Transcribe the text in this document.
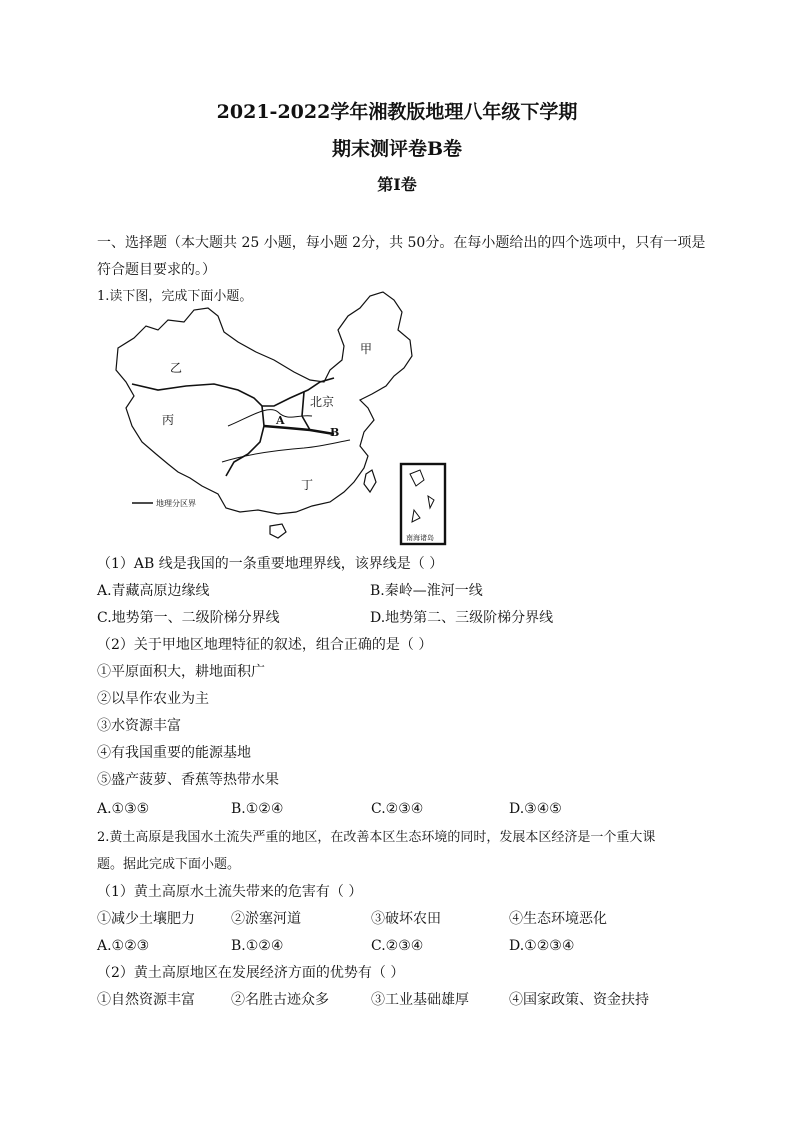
2021-2022学年湘教版地理八年级下学期
期末测评卷B卷
第Ⅰ卷
一、选择题（本大题共 25 小题，每小题 2分，共 50分。在每小题给出的四个选项中，只有一项是
符合题目要求的。）
1.读下图，完成下面小题。
南海诸岛
地理分区界
乙
甲
丙
丁
北京
A
B
（1）AB 线是我国的一条重要地理界线，该界线是（ ）
A.青藏高原边缘线	B.秦岭—淮河一线
C.地势第一、二级阶梯分界线	D.地势第二、三级阶梯分界线
（2）关于甲地区地理特征的叙述，组合正确的是（ ）
①平原面积大，耕地面积广
②以旱作农业为主
③水资源丰富
④有我国重要的能源基地
⑤盛产菠萝、香蕉等热带水果
A.①③⑤	B.①②④	C.②③④	D.③④⑤
2.黄土高原是我国水土流失严重的地区，在改善本区生态环境的同时，发展本区经济是一个重大课
题。据此完成下面小题。
（1）黄土高原水土流失带来的危害有（ ）
①减少土壤肥力	②淤塞河道	③破坏农田	④生态环境恶化
A.①②③	B.①②④	C.②③④	D.①②③④
（2）黄土高原地区在发展经济方面的优势有（ ）
①自然资源丰富	②名胜古迹众多	③工业基础雄厚	④国家政策、资金扶持
